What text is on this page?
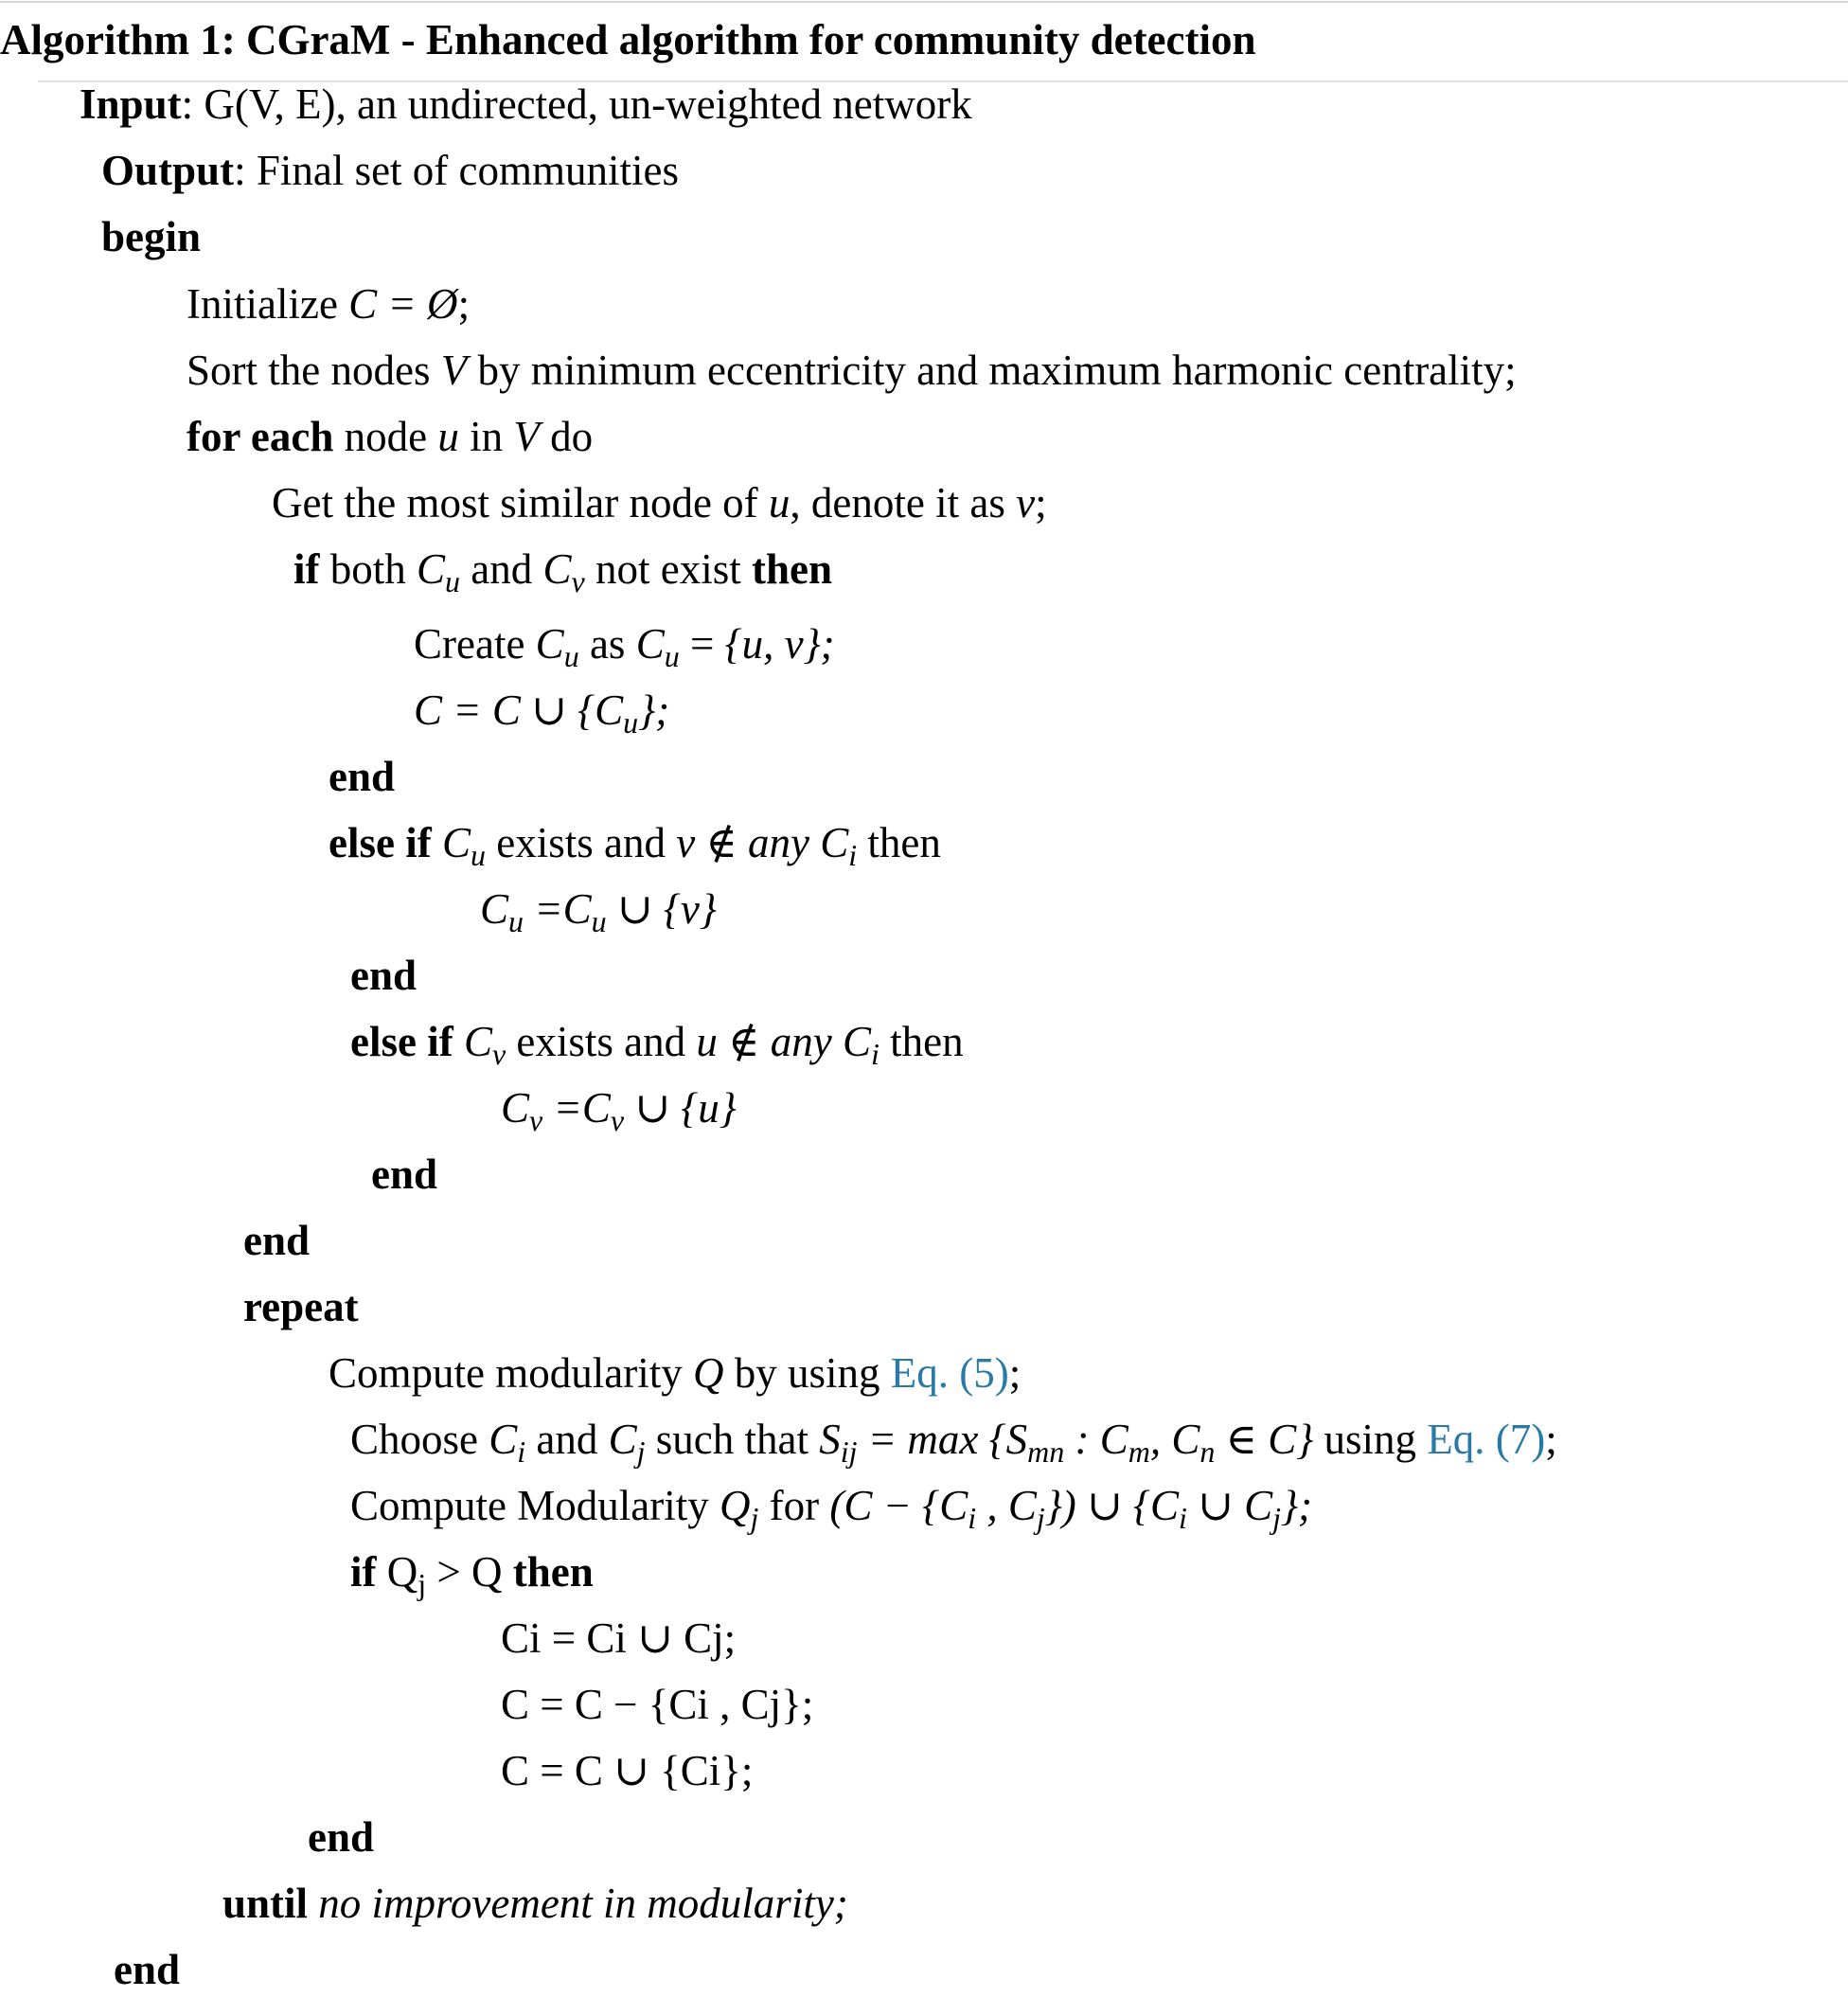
Algorithm 1: CGraM - Enhanced algorithm for community detection
Input: G(V, E), an undirected, un-weighted network
Output: Final set of communities
begin
Initialize C = Ø;
Sort the nodes V by minimum eccentricity and maximum harmonic centrality;
for each node u in V do
Get the most similar node of u, denote it as v;
if both $C_u$ and $C_v$ not exist then
Create $C_u$ as $C_u = \{u$, v};
C = C ∪ $\{C_u\}$;
end
else if $C_u$ exists and v ∉ any $C_i$ then
$C_u =C_u$ ∪ {v}
end
else if $C_v$ exists and u ∉ any $C_i$ then
$C_v =C_v$ ∪ {u}
end
end
repeat
Compute modularity Q by using Eq. (5);
Choose $C_i$ and $C_j$ such that $S_{ij} = \max \{S_{mn}$ : $C_m$, $C_n$ ∈ C} using Eq. (7);
Compute Modularity $Q_j$ for ($C - \{C_i$ , $C_j$}) ∪ {$C_i$ ∪ $C_j$};
if $Q_j > Q$ then
Ci = Ci ∪ Cj;
C = C − {Ci , Cj};
C = C ∪ {Ci};
end
until no improvement in modularity;
end
